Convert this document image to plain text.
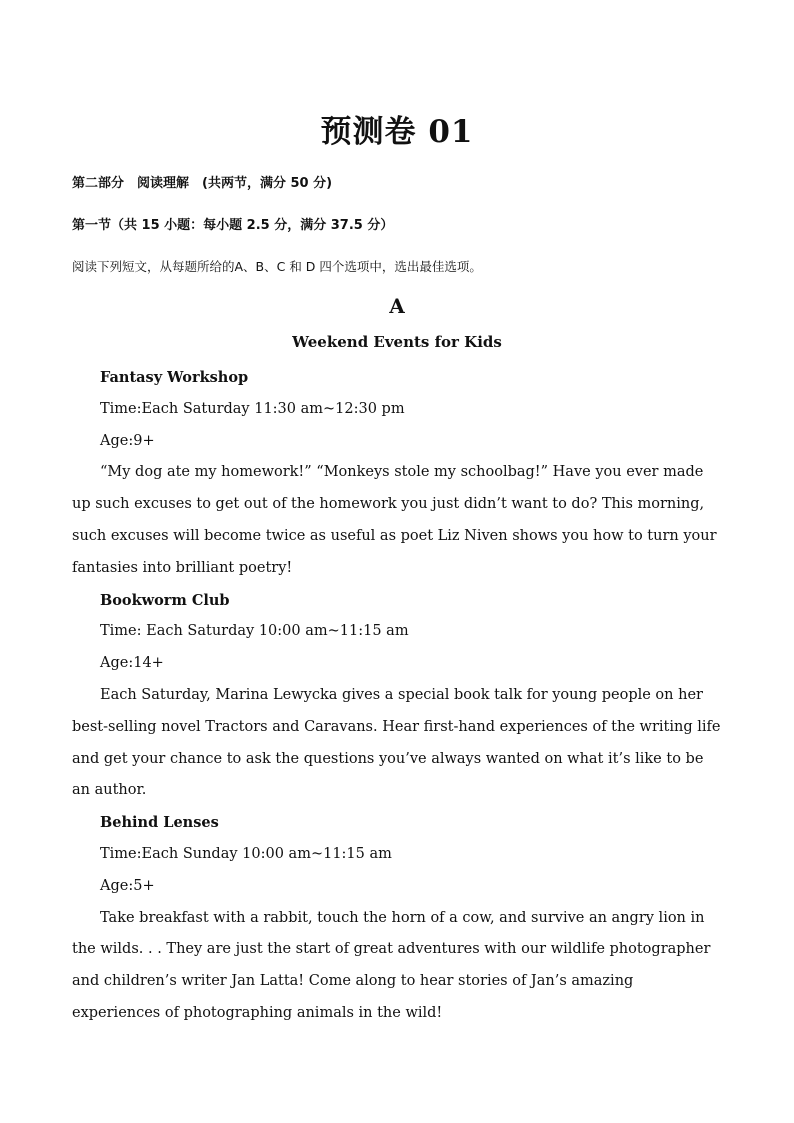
预测卷 01
第二部分　阅读理解　(共两节，满分 50 分)
第一节（共 15 小题：每小题 2.5 分，满分 37.5 分）
阅读下列短文，从每题所给的A、B、C 和 D 四个选项中，选出最佳选项。
A
Weekend Events for Kids

Fantasy Workshop

Time:Each Saturday 11:30 am~12:30 pm

Age:9+

“My dog ate my homework!” “Monkeys stole my schoolbag!” Have you ever made up such excuses to get out of the homework you just didn’t want to do? This morning, such excuses will become twice as useful as poet Liz Niven shows you how to turn your fantasies into brilliant poetry!

Bookworm Club

Time: Each Saturday 10:00 am~11:15 am

Age:14+

Each Saturday, Marina Lewycka gives a special book talk for young people on her best-selling novel Tractors and Caravans. Hear first-hand experiences of the writing life and get your chance to ask the questions you’ve always wanted on what it’s like to be an author.

Behind Lenses

Time:Each Sunday 10:00 am~11:15 am

Age:5+

Take breakfast with a rabbit, touch the horn of a cow, and survive an angry lion in the wilds. . . They are just the start of great adventures with our wildlife photographer and children’s writer Jan Latta! Come along to hear stories of Jan’s amazing experiences of photographing animals in the wild!
